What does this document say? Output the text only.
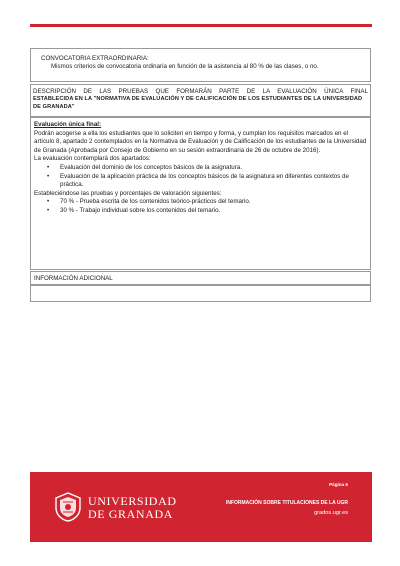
CONVOCATORIA EXTRAORDINARIA:
Mismos criterios de convocatoria ordinaria en función de la asistencia al 80 % de las clases, o no.
DESCRIPCIÓN DE LAS PRUEBAS QUE FORMARÁN PARTE DE LA EVALUACIÓN ÚNICA FINAL
ESTABLECIDA EN LA "NORMATIVA DE EVALUACIÓN Y DE CALIFICACIÓN DE LOS ESTUDIANTES DE LA UNIVERSIDAD DE GRANADA"

Evaluación única final:

Podrán acogerse a ella los estudiantes que lo soliciten en tiempo y forma, y cumplan los requisitos marcados en el artículo 8, apartado 2 contemplados en la Normativa de Evaluación y de Calificación de los estudiantes de la Universidad de Granada (Aprobada por Consejo de Gobierno en su sesión extraordinaria de 26 de octubre de 2016).

La evaluación contemplará dos apartados:

• Evaluación del dominio de los conceptos básicos de la asignatura.
• Evaluación de la aplicación práctica de los conceptos básicos de la asignatura en diferentes contextos de práctica.

Estableciéndose las pruebas y porcentajes de valoración siguientes:

• 70 % - Prueba escrita de los contenidos teórico-prácticos del temario.
• 30 % - Trabajo individual sobre los contenidos del temario.
INFORMACIÓN ADICIONAL
UNIVERSIDAD
DE GRANADA
Página 6
INFORMACIÓN SOBRE TITULACIONES DE LA UGR
grados.ugr.es
